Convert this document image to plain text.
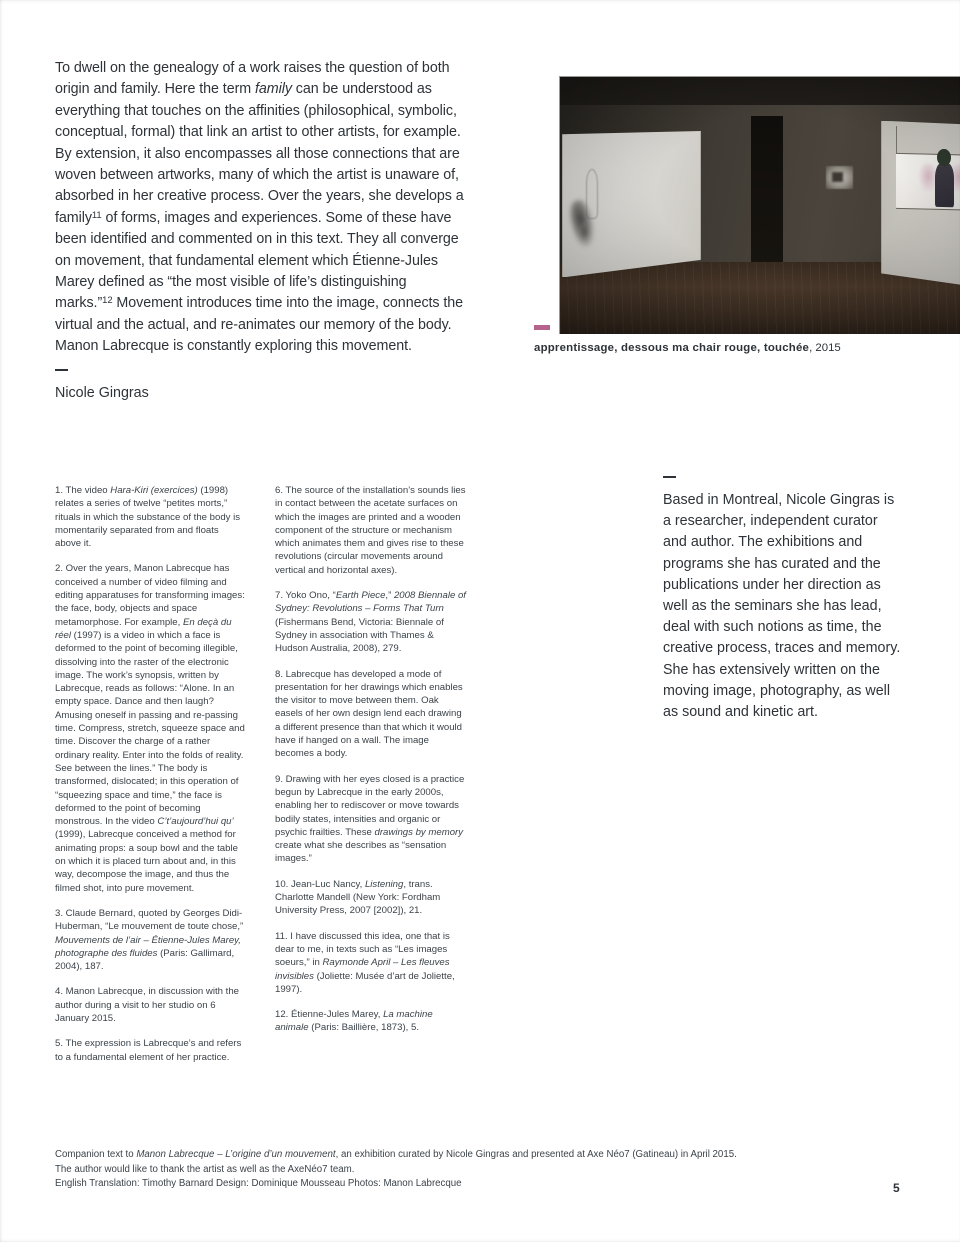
To dwell on the genealogy of a work raises the question of both origin and family. Here the term family can be understood as everything that touches on the affinities (philosophical, symbolic, conceptual, formal) that link an artist to other artists, for example. By extension, it also encompasses all those connections that are woven between artworks, many of which the artist is unaware of, absorbed in her creative process. Over the years, she develops a family$^{11}$ of forms, images and experiences. Some of these have been identified and commented on in this text. They all converge on movement, that fundamental element which Étienne-Jules Marey defined as “the most visible of life’s distinguishing marks.”$^{12}$ Movement introduces time into the image, connects the virtual and the actual, and re-animates our memory of the body. Manon Labrecque is constantly exploring this movement.

Nicole Gingras
apprentissage, dessous ma chair rouge, touchée, 2015

1. The video Hara-Kiri (exercices) (1998) relates a series of twelve “petites morts,” rituals in which the substance of the body is momentarily separated from and floats above it.

2. Over the years, Manon Labrecque has conceived a number of video filming and editing apparatuses for transforming images: the face, body, objects and space metamorphose. For example, En deçà du réel (1997) is a video in which a face is deformed to the point of becoming illegible, dissolving into the raster of the electronic image. The work’s synopsis, written by Labrecque, reads as follows: “Alone. In an empty space. Dance and then laugh? Amusing oneself in passing and re-passing time. Compress, stretch, squeeze space and time. Discover the charge of a rather ordinary reality. Enter into the folds of reality. See between the lines.” The body is transformed, dislocated; in this operation of “squeezing space and time,” the face is deformed to the point of becoming monstrous. In the video C’t’aujourd’hui qu’ (1999), Labrecque conceived a method for animating props: a soup bowl and the table on which it is placed turn about and, in this way, decompose the image, and thus the filmed shot, into pure movement.

3. Claude Bernard, quoted by Georges Didi-Huberman, “Le mouvement de toute chose,” Mouvements de l’air – Étienne-Jules Marey, photographe des fluides (Paris: Gallimard, 2004), 187.

4. Manon Labrecque, in discussion with the author during a visit to her studio on 6 January 2015.

5. The expression is Labrecque’s and refers to a fundamental element of her practice.

6. The source of the installation’s sounds lies in contact between the acetate surfaces on which the images are printed and a wooden component of the structure or mechanism which animates them and gives rise to these revolutions (circular movements around vertical and horizontal axes).

7. Yoko Ono, “Earth Piece,” 2008 Biennale of Sydney: Revolutions – Forms That Turn (Fishermans Bend, Victoria: Biennale of Sydney in association with Thames & Hudson Australia, 2008), 279.

8. Labrecque has developed a mode of presentation for her drawings which enables the visitor to move between them. Oak easels of her own design lend each drawing a different presence than that which it would have if hanged on a wall. The image becomes a body.

9. Drawing with her eyes closed is a practice begun by Labrecque in the early 2000s, enabling her to rediscover or move towards bodily states, intensities and organic or psychic frailties. These drawings by memory create what she describes as “sensation images.”

10. Jean-Luc Nancy, Listening, trans. Charlotte Mandell (New York: Fordham University Press, 2007 [2002]), 21.

11. I have discussed this idea, one that is dear to me, in texts such as “Les images soeurs,” in Raymonde April – Les fleuves invisibles (Joliette: Musée d’art de Joliette, 1997).

12. Étienne-Jules Marey, La machine animale (Paris: Baillière, 1873), 5.

Based in Montreal, Nicole Gingras is a researcher, independent curator and author. The exhibitions and programs she has curated and the publications under her direction as well as the seminars she has lead, deal with such notions as time, the creative process, traces and memory. She has extensively written on the moving image, photography, as well as sound and kinetic art.

Companion text to Manon Labrecque – L’origine d’un mouvement, an exhibition curated by Nicole Gingras and presented at Axe Néo7 (Gatineau) in April 2015.

The author would like to thank the artist as well as the AxeNéo7 team.

English Translation: Timothy Barnard Design: Dominique Mousseau Photos: Manon Labrecque	5
